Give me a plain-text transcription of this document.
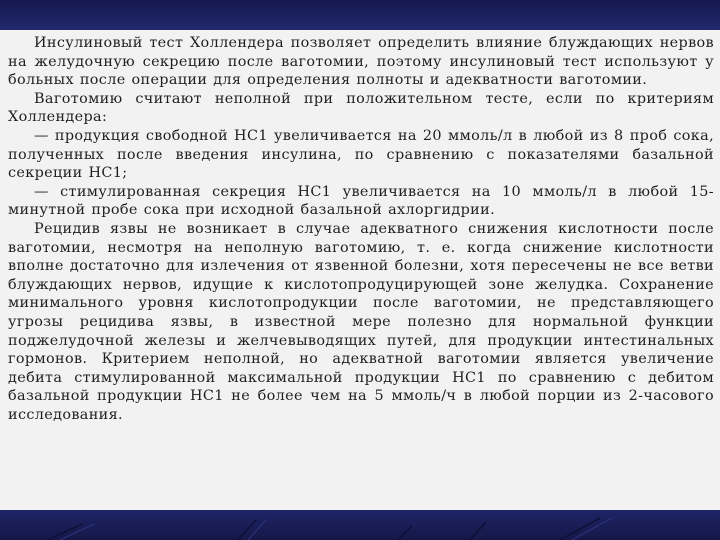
Инсулиновый тест Холлендера позволяет определить влияние блуждающих нервов на желудочную секрецию после ваготомии, поэтому инсулиновый тест используют у больных после операции для определения полноты и адекватности ваготомии.

Ваготомию считают неполной при положительном тесте, если по критериям Холлендера:

— продукция свободной НС1 увеличивается на 20 ммоль/л в любой из 8 проб сока, полученных после введения инсулина, по сравнению с показателями базальной секреции НС1;

— стимулированная секреция НС1 увеличивается на 10 ммоль/л в любой 15-минутной пробе сока при исходной базальной ахлоргидрии.

Рецидив язвы не возникает в случае адекватного снижения кислотности после ваготомии, несмотря на неполную ваготомию, т. е. когда снижение кислотности вполне достаточно для излечения от язвенной болезни, хотя пересечены не все ветви блуждающих нервов, идущие к кислотопродуцирующей зоне желудка. Сохранение минимального уровня кислотопродукции после ваготомии, не представляющего угрозы рецидива язвы, в известной мере полезно для нормальной функции поджелудочной железы и желчевыводящих путей, для продукции интестинальных гормонов. Критерием неполной, но адекватной ваготомии является увеличение дебита стимулированной максимальной продукции НС1 по сравнению с дебитом базальной продукции НС1 не более чем на 5 ммоль/ч в любой порции из 2-часового исследования.
